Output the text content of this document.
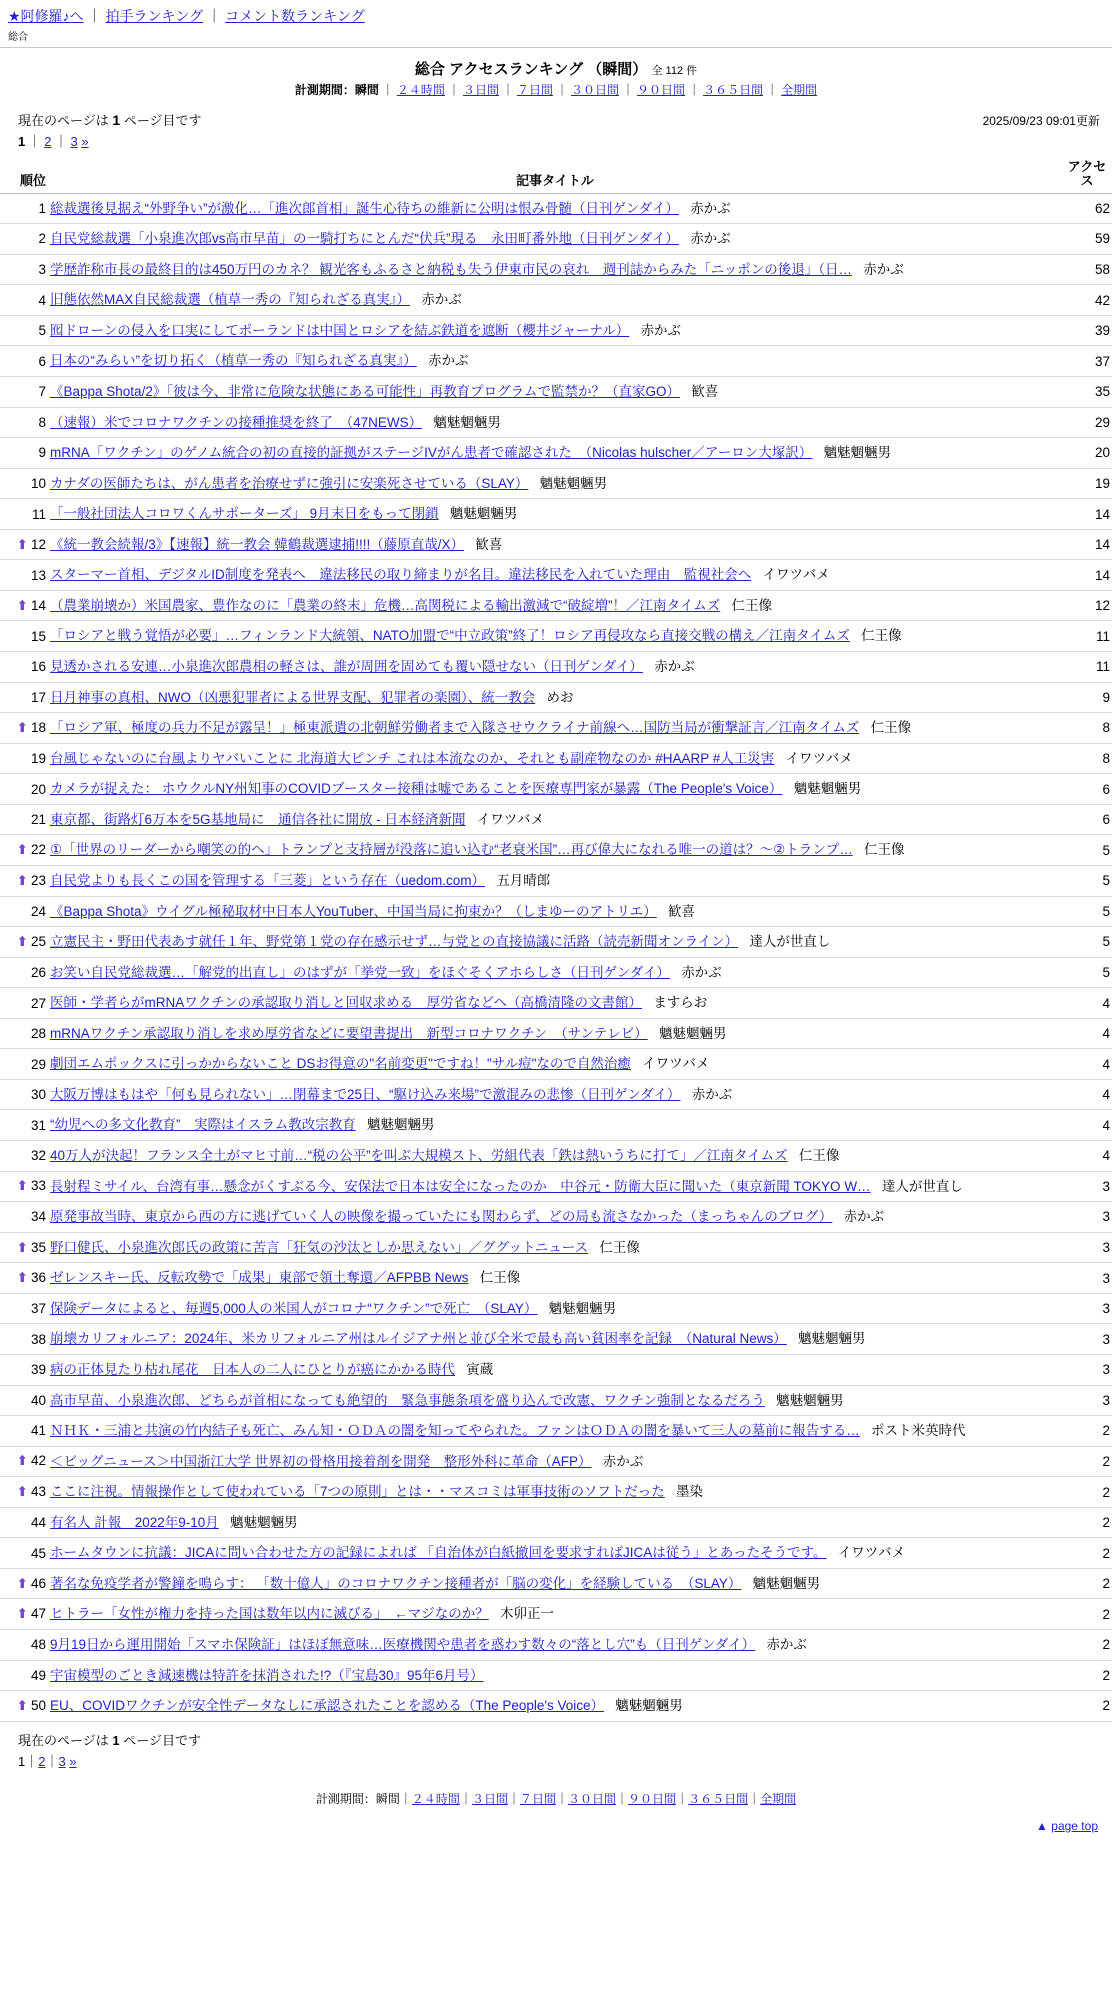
★阿修羅♪へ ｜ 拍手ランキング ｜ コメント数ランキング
総合
総合 アクセスランキング （瞬間） 全 112 件
計測期間：瞬間 ｜ ２４時間 ｜ ３日間 ｜ ７日間 ｜ ３０日間 ｜ ９０日間 ｜ ３６５日間 ｜ 全期間
現在のページは 1 ページ目です	2025/09/23 09:01更新
1 ｜ 2 ｜ 3 »
順位	記事タイトル	アクセス
1	総裁選後見据え“外野争い”が激化…「進次郎首相」誕生心待ちの維新に公明は恨み骨髄（日刊ゲンダイ） 赤かぶ	62
2	自民党総裁選「小泉進次郎vs高市早苗」の一騎打ちにとんだ“伏兵”現る　永田町番外地（日刊ゲンダイ） 赤かぶ	59
3	学歴詐称市長の最終目的は450万円のカネ？ 観光客もふるさと納税も失う伊東市民の哀れ　週刊誌からみた「ニッポンの後退」（日… 赤かぶ	58
4	旧態依然MAX自民総裁選（植草一秀の『知られざる真実』） 赤かぶ	42
5	囮ドローンの侵入を口実にしてポーランドは中国とロシアを結ぶ鉄道を遮断（櫻井ジャーナル） 赤かぶ	39
6	日本の“みらい”を切り拓く（植草一秀の『知られざる真実』） 赤かぶ	37
7	《Bappa Shota/2》「彼は今、非常に危険な状態にある可能性」再教育プログラムで監禁か？（直家GO） 歓喜	35
8	（速報）米でコロナワクチンの接種推奨を終了　（47NEWS） 魑魅魍魎男	29
9	mRNA「ワクチン」のゲノム統合の初の直接的証拠がステージIVがん患者で確認された　（Nicolas hulscher／アーロン大塚訳） 魑魅魍魎男	20
10	カナダの医師たちは、がん患者を治療せずに強引に安楽死させている（SLAY） 魑魅魍魎男	19
11	「一般社団法人コロワくんサポーターズ」 9月末日をもって閉鎖 魑魅魍魎男	14
⬆ 12	《統一教会続報/3》【速報】統一教会 韓鶴裁選逮捕!!!!（藤原直哉/X） 歓喜	14
13	スターマー首相、デジタルID制度を発表へ　違法移民の取り締まりが名目。違法移民を入れていた理由　監視社会へ イワツバメ	14
⬆ 14	（農業崩壊か）米国農家、豊作なのに「農業の終末」危機…高関税による輸出激減で“破綻増”！／江南タイムズ 仁王像	12
15	「ロシアと戦う覚悟が必要」…フィンランド大統領、NATO加盟で“中立政策”終了！ロシア再侵攻なら直接交戦の構え／江南タイムズ 仁王像	11
16	見透かされる安連…小泉進次郎農相の軽さは、誰が周囲を固めても覆い隠せない（日刊ゲンダイ） 赤かぶ	11
17	日月神事の真相、NWO（凶悪犯罪者による世界支配、犯罪者の楽園）、統一教会 めお	9
⬆ 18	「ロシア軍、極度の兵力不足が露呈！」極東派遣の北朝鮮労働者まで入隊させウクライナ前線へ…国防当局が衝撃証言／江南タイムズ 仁王像	8
19	台風じゃないのに台風よりヤバいことに 北海道大ピンチ これは本流なのか、それとも副産物なのか #HAARP #人工災害 イワツバメ	8
20	カメラが捉えた： ホウクルNY州知事のCOVIDブースター接種は嘘であることを医療専門家が暴露（The People's Voice） 魑魅魍魎男	6
21	東京都、街路灯6万本を5G基地局に　通信各社に開放 - 日本経済新聞 イワツバメ	6
⬆ 22	①「世界のリーダーから嘲笑の的へ」トランプと支持層が没落に追い込む“老衰米国”…再び偉大になれる唯一の道は？～②トランプ… 仁王像	5
⬆ 23	自民党よりも長くこの国を管理する「三菱」という存在（uedom.com） 五月晴郎	5
24	《Bappa Shota》ウイグル極秘取材中日本人YouTuber、中国当局に拘束か？（しまゆーのアトリエ） 歓喜	5
⬆ 25	立憲民主・野田代表あす就任１年、野党第１党の存在感示せず…与党との直接協議に活路（読売新聞オンライン） 達人が世直し	5
26	お笑い自民党総裁選…「解党的出直し」のはずが「挙党一致」をほぐそくアホらしさ（日刊ゲンダイ） 赤かぶ	5
27	医師・学者らがmRNAワクチンの承認取り消しと回収求める　厚労省などへ（高橋清隆の文書館） ますらお	4
28	mRNAワクチン承認取り消しを求め厚労省などに要望書提出　新型コロナワクチン　（サンテレビ） 魑魅魍魎男	4
29	劇団エムポックスに引っかからないこと DSお得意の"名前変更"ですね！"サル痘"なので自然治癒 イワツバメ	4
30	大阪万博はもはや「何も見られない」…閉幕まで25日、“駆け込み来場”で激混みの悲惨（日刊ゲンダイ） 赤かぶ	4
31	“幼児への多文化教育”　実際はイスラム教改宗教育 魑魅魍魎男	4
32	40万人が決起！フランス全土がマヒ寸前…“税の公平”を叫ぶ大規模スト、労組代表「鉄は熱いうちに打て」／江南タイムズ 仁王像	4
⬆ 33	長射程ミサイル、台湾有事…懸念がくすぶる今、安保法で日本は安全になったのか　中谷元・防衛大臣に聞いた（東京新聞 TOKYO W… 達人が世直し	3
34	原発事故当時、東京から西の方に逃げていく人の映像を撮っていたにも関わらず、どの局も流さなかった（まっちゃんのブログ） 赤かぶ	3
⬆ 35	野口健氏、小泉進次郎氏の政策に苦言「狂気の沙汰としか思えない」／ググットニュース 仁王像	3
⬆ 36	ゼレンスキー氏、反転攻勢で「成果」東部で領土奪還／AFPBB News 仁王像	3
37	保険データによると、毎週5,000人の米国人がコロナ“ワクチン”で死亡　（SLAY） 魑魅魍魎男	3
38	崩壊カリフォルニア：2024年、米カリフォルニア州はルイジアナ州と並び全米で最も高い貧困率を記録　（Natural News） 魑魅魍魎男	3
39	病の正体見たり枯れ尾花　日本人の二人にひとりが癌にかかる時代 寅蔵	3
40	高市早苗、小泉進次郎、どちらが首相になっても絶望的　緊急事態条項を盛り込んで改憲、ワクチン強制となるだろう 魑魅魍魎男	3
41	ＮＨＫ・三浦と共演の竹内結子も死亡、みん知・ＯＤＡの闇を知ってやられた。ファンはＯＤＡの闇を暴いて三人の墓前に報告する… ポスト米英時代	2
⬆ 42	＜ビッグニュース＞中国浙江大学 世界初の骨格用接着剤を開発　整形外科に革命（AFP） 赤かぶ	2
⬆ 43	ここに注視。情報操作として使われている「7つの原則」とは・・マスコミは軍事技術のソフトだった 墨染	2
44	有名人 計報　2022年9-10月 魑魅魍魎男	2
45	ホームタウンに抗議：JICAに問い合わせた方の記録によれば 「自治体が白紙撤回を要求すればJICAは従う」とあったそうです。 イワツバメ	2
⬆ 46	著名な免疫学者が警鐘を鳴らす： 「数十億人」のコロナワクチン接種者が「脳の変化」を経験している　（SLAY） 魑魅魍魎男	2
⬆ 47	ヒトラー「女性が権力を持った国は数年以内に滅びる」　←マジなのか？ 木卯正一	2
48	9月19日から運用開始「スマホ保険証」はほぼ無意味…医療機関や患者を惑わす数々の“落とし穴”も（日刊ゲンダイ） 赤かぶ	2
49	宇宙模型のごとき減速機は特許を抹消された!?（『宝島30』95年6月号）	2
⬆ 50	EU、COVIDワクチンが安全性データなしに承認されたことを認める（The People's Voice） 魑魅魍魎男	2
現在のページは 1 ページ目です
1｜2｜3 »
計測期間：瞬間｜２４時間｜３日間｜７日間｜３０日間｜９０日間｜３６５日間｜全期間
▲ page top
